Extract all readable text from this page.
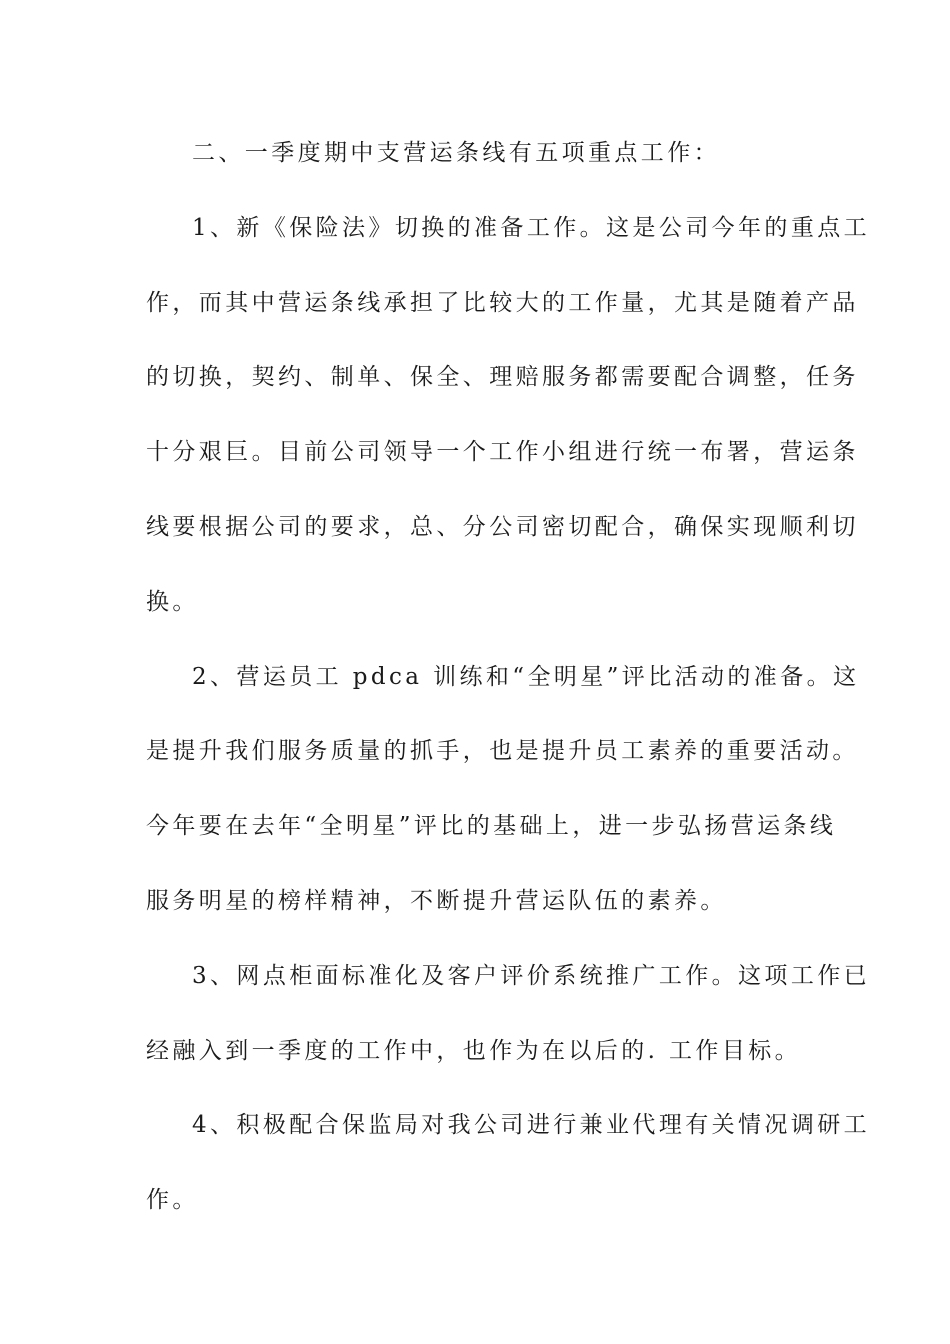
二、一季度期中支营运条线有五项重点工作：
1、新《保险法》切换的准备工作。这是公司今年的重点工
作，而其中营运条线承担了比较大的工作量，尤其是随着产品
的切换，契约、制单、保全、理赔服务都需要配合调整，任务
十分艰巨。目前公司领导一个工作小组进行统一布署，营运条
线要根据公司的要求，总、分公司密切配合，确保实现顺利切
换。
2、营运员工 pdca 训练和“全明星”评比活动的准备。这
是提升我们服务质量的抓手，也是提升员工素养的重要活动。
今年要在去年“全明星”评比的基础上，进一步弘扬营运条线
服务明星的榜样精神，不断提升营运队伍的素养。
3、网点柜面标准化及客户评价系统推广工作。这项工作已
经融入到一季度的工作中，也作为在以后的. 工作目标。
4、积极配合保监局对我公司进行兼业代理有关情况调研工
作。
